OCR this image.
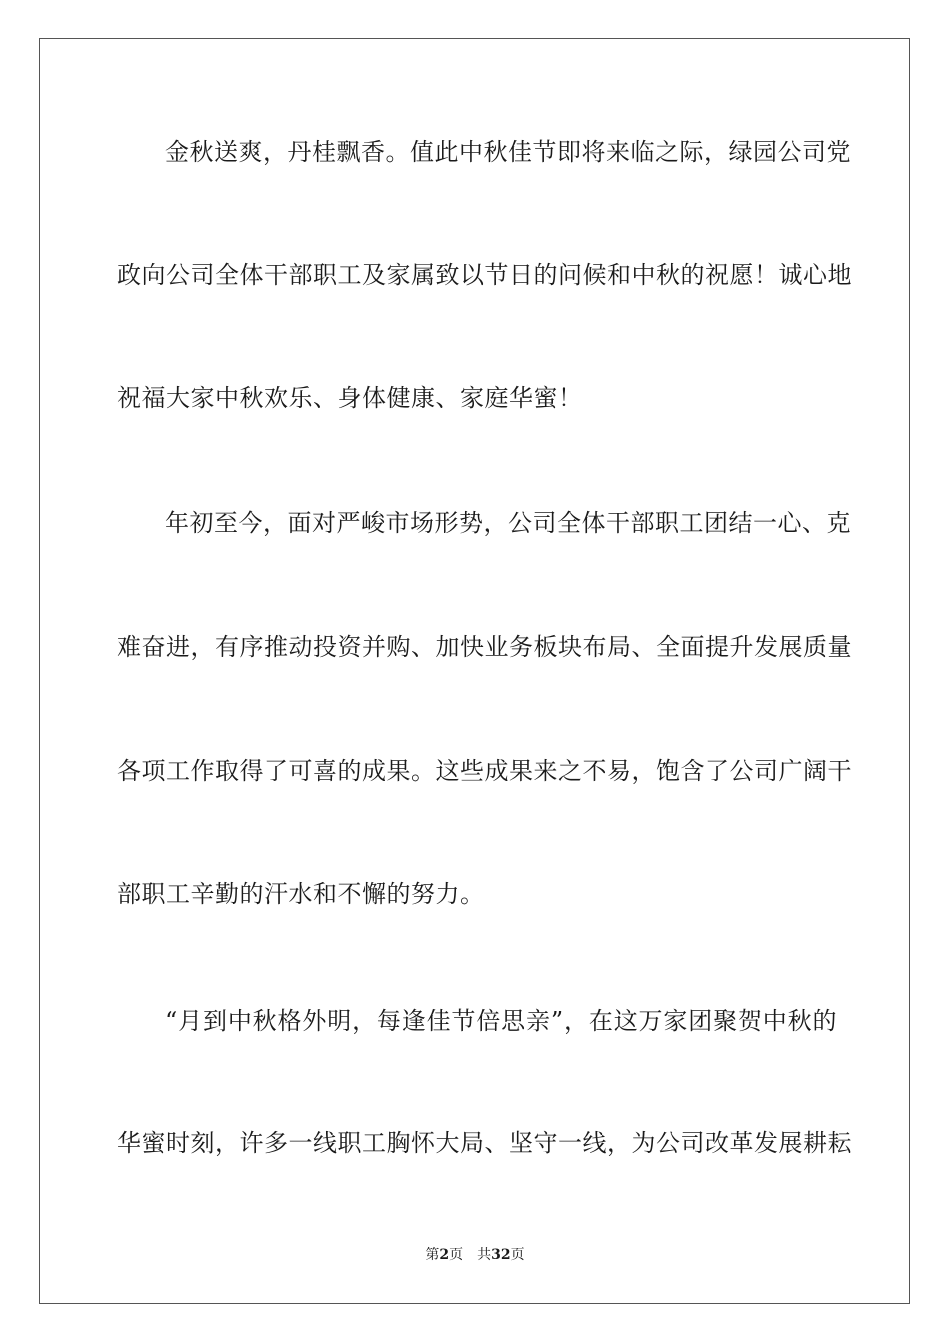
金秋送爽，丹桂飘香。值此中秋佳节即将来临之际，绿园公司党
政向公司全体干部职工及家属致以节日的问候和中秋的祝愿！诚心地
祝福大家中秋欢乐、身体健康、家庭华蜜！
年初至今，面对严峻市场形势，公司全体干部职工团结一心、克
难奋进，有序推动投资并购、加快业务板块布局、全面提升发展质量
各项工作取得了可喜的成果。这些成果来之不易，饱含了公司广阔干
部职工辛勤的汗水和不懈的努力。
“月到中秋格外明，每逢佳节倍思亲”，在这万家团聚贺中秋的
华蜜时刻，许多一线职工胸怀大局、坚守一线，为公司改革发展耕耘
第2页 共32页
